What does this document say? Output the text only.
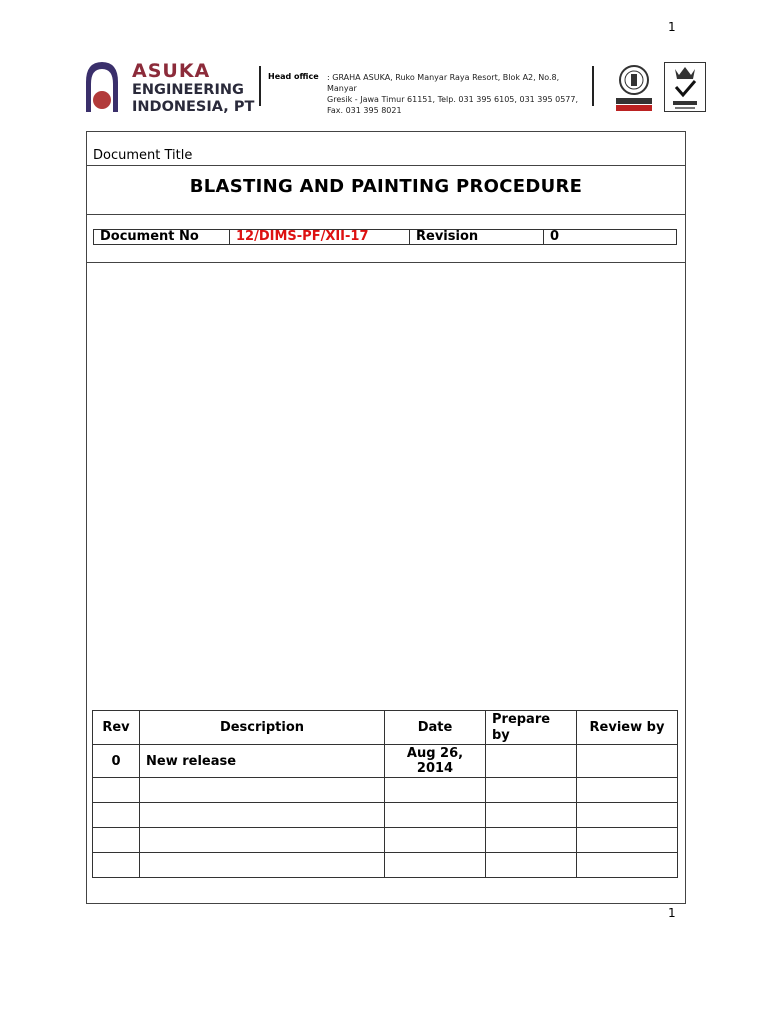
1
ASUKA
ENGINEERING
INDONESIA, PT
Head office : GRAHA ASUKA, Ruko Manyar Raya Resort, Blok A2, No.8, Manyar
Gresik - Jawa Timur 61151, Telp. 031 395 6105, 031 395 0577,
Fax. 031 395 8021
Document Title
BLASTING AND PAINTING PROCEDURE
Document No	12/DIMS-PF/XII-17	Revision	0
Rev	Description	Date	Prepare by	Review by
0	New release	Aug 26, 2014		

1
